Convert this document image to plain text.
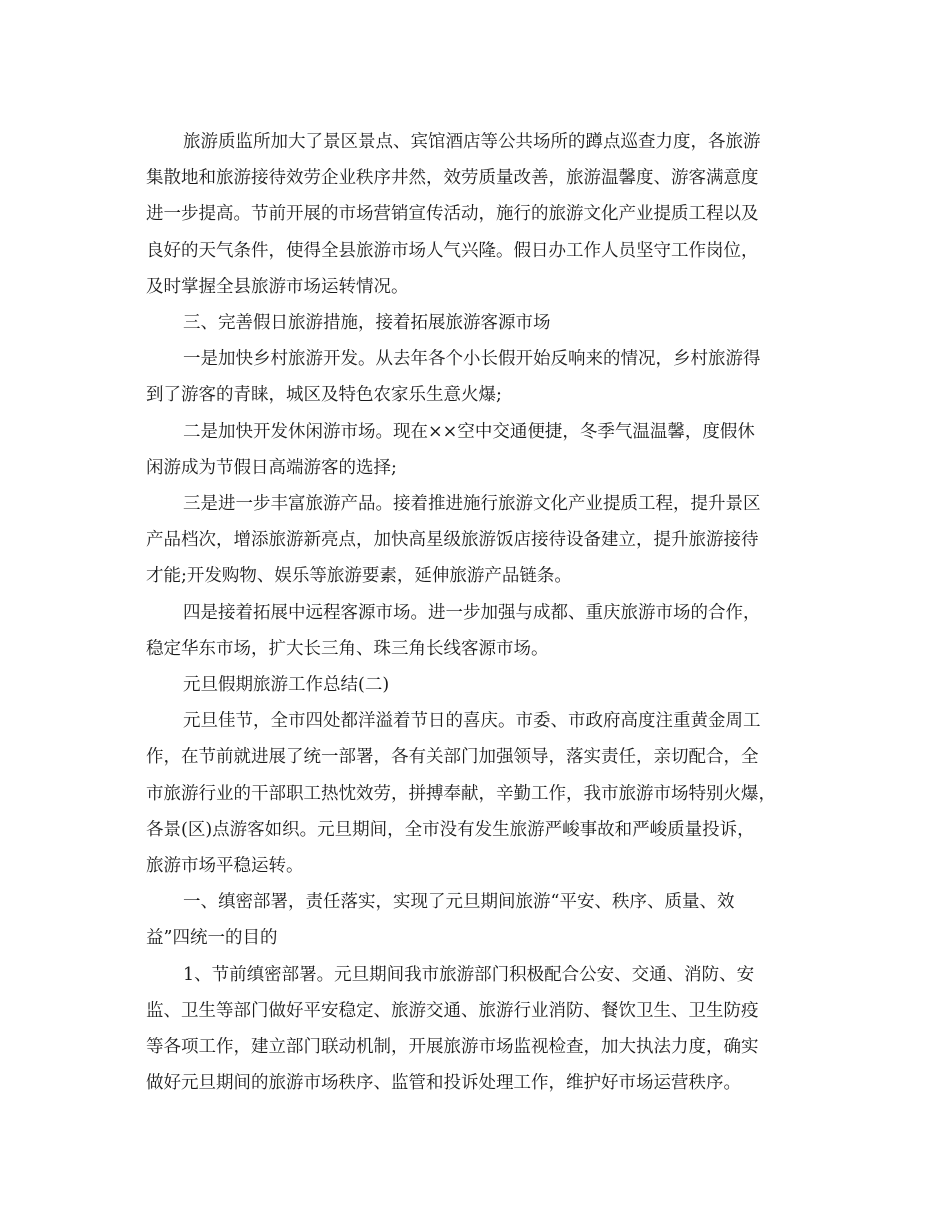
旅游质监所加大了景区景点、宾馆酒店等公共场所的蹲点巡查力度，各旅游
集散地和旅游接待效劳企业秩序井然，效劳质量改善，旅游温馨度、游客满意度
进一步提高。节前开展的市场营销宣传活动，施行的旅游文化产业提质工程以及
良好的天气条件，使得全县旅游市场人气兴隆。假日办工作人员坚守工作岗位，
及时掌握全县旅游市场运转情况。
三、完善假日旅游措施，接着拓展旅游客源市场
一是加快乡村旅游开发。从去年各个小长假开始反响来的情况，乡村旅游得
到了游客的青睐，城区及特色农家乐生意火爆;
二是加快开发休闲游市场。现在××空中交通便捷，冬季气温温馨，度假休
闲游成为节假日高端游客的选择;
三是进一步丰富旅游产品。接着推进施行旅游文化产业提质工程，提升景区
产品档次，增添旅游新亮点，加快高星级旅游饭店接待设备建立，提升旅游接待
才能;开发购物、娱乐等旅游要素，延伸旅游产品链条。
四是接着拓展中远程客源市场。进一步加强与成都、重庆旅游市场的合作，
稳定华东市场，扩大长三角、珠三角长线客源市场。
元旦假期旅游工作总结(二)
元旦佳节，全市四处都洋溢着节日的喜庆。市委、市政府高度注重黄金周工
作，在节前就进展了统一部署，各有关部门加强领导，落实责任，亲切配合，全
市旅游行业的干部职工热忱效劳，拼搏奉献，辛勤工作，我市旅游市场特别火爆，
各景(区)点游客如织。元旦期间，全市没有发生旅游严峻事故和严峻质量投诉，
旅游市场平稳运转。
一、缜密部署，责任落实，实现了元旦期间旅游“平安、秩序、质量、效
益”四统一的目的
1、节前缜密部署。元旦期间我市旅游部门积极配合公安、交通、消防、安
监、卫生等部门做好平安稳定、旅游交通、旅游行业消防、餐饮卫生、卫生防疫
等各项工作，建立部门联动机制，开展旅游市场监视检查，加大执法力度，确实
做好元旦期间的旅游市场秩序、监管和投诉处理工作，维护好市场运营秩序。
